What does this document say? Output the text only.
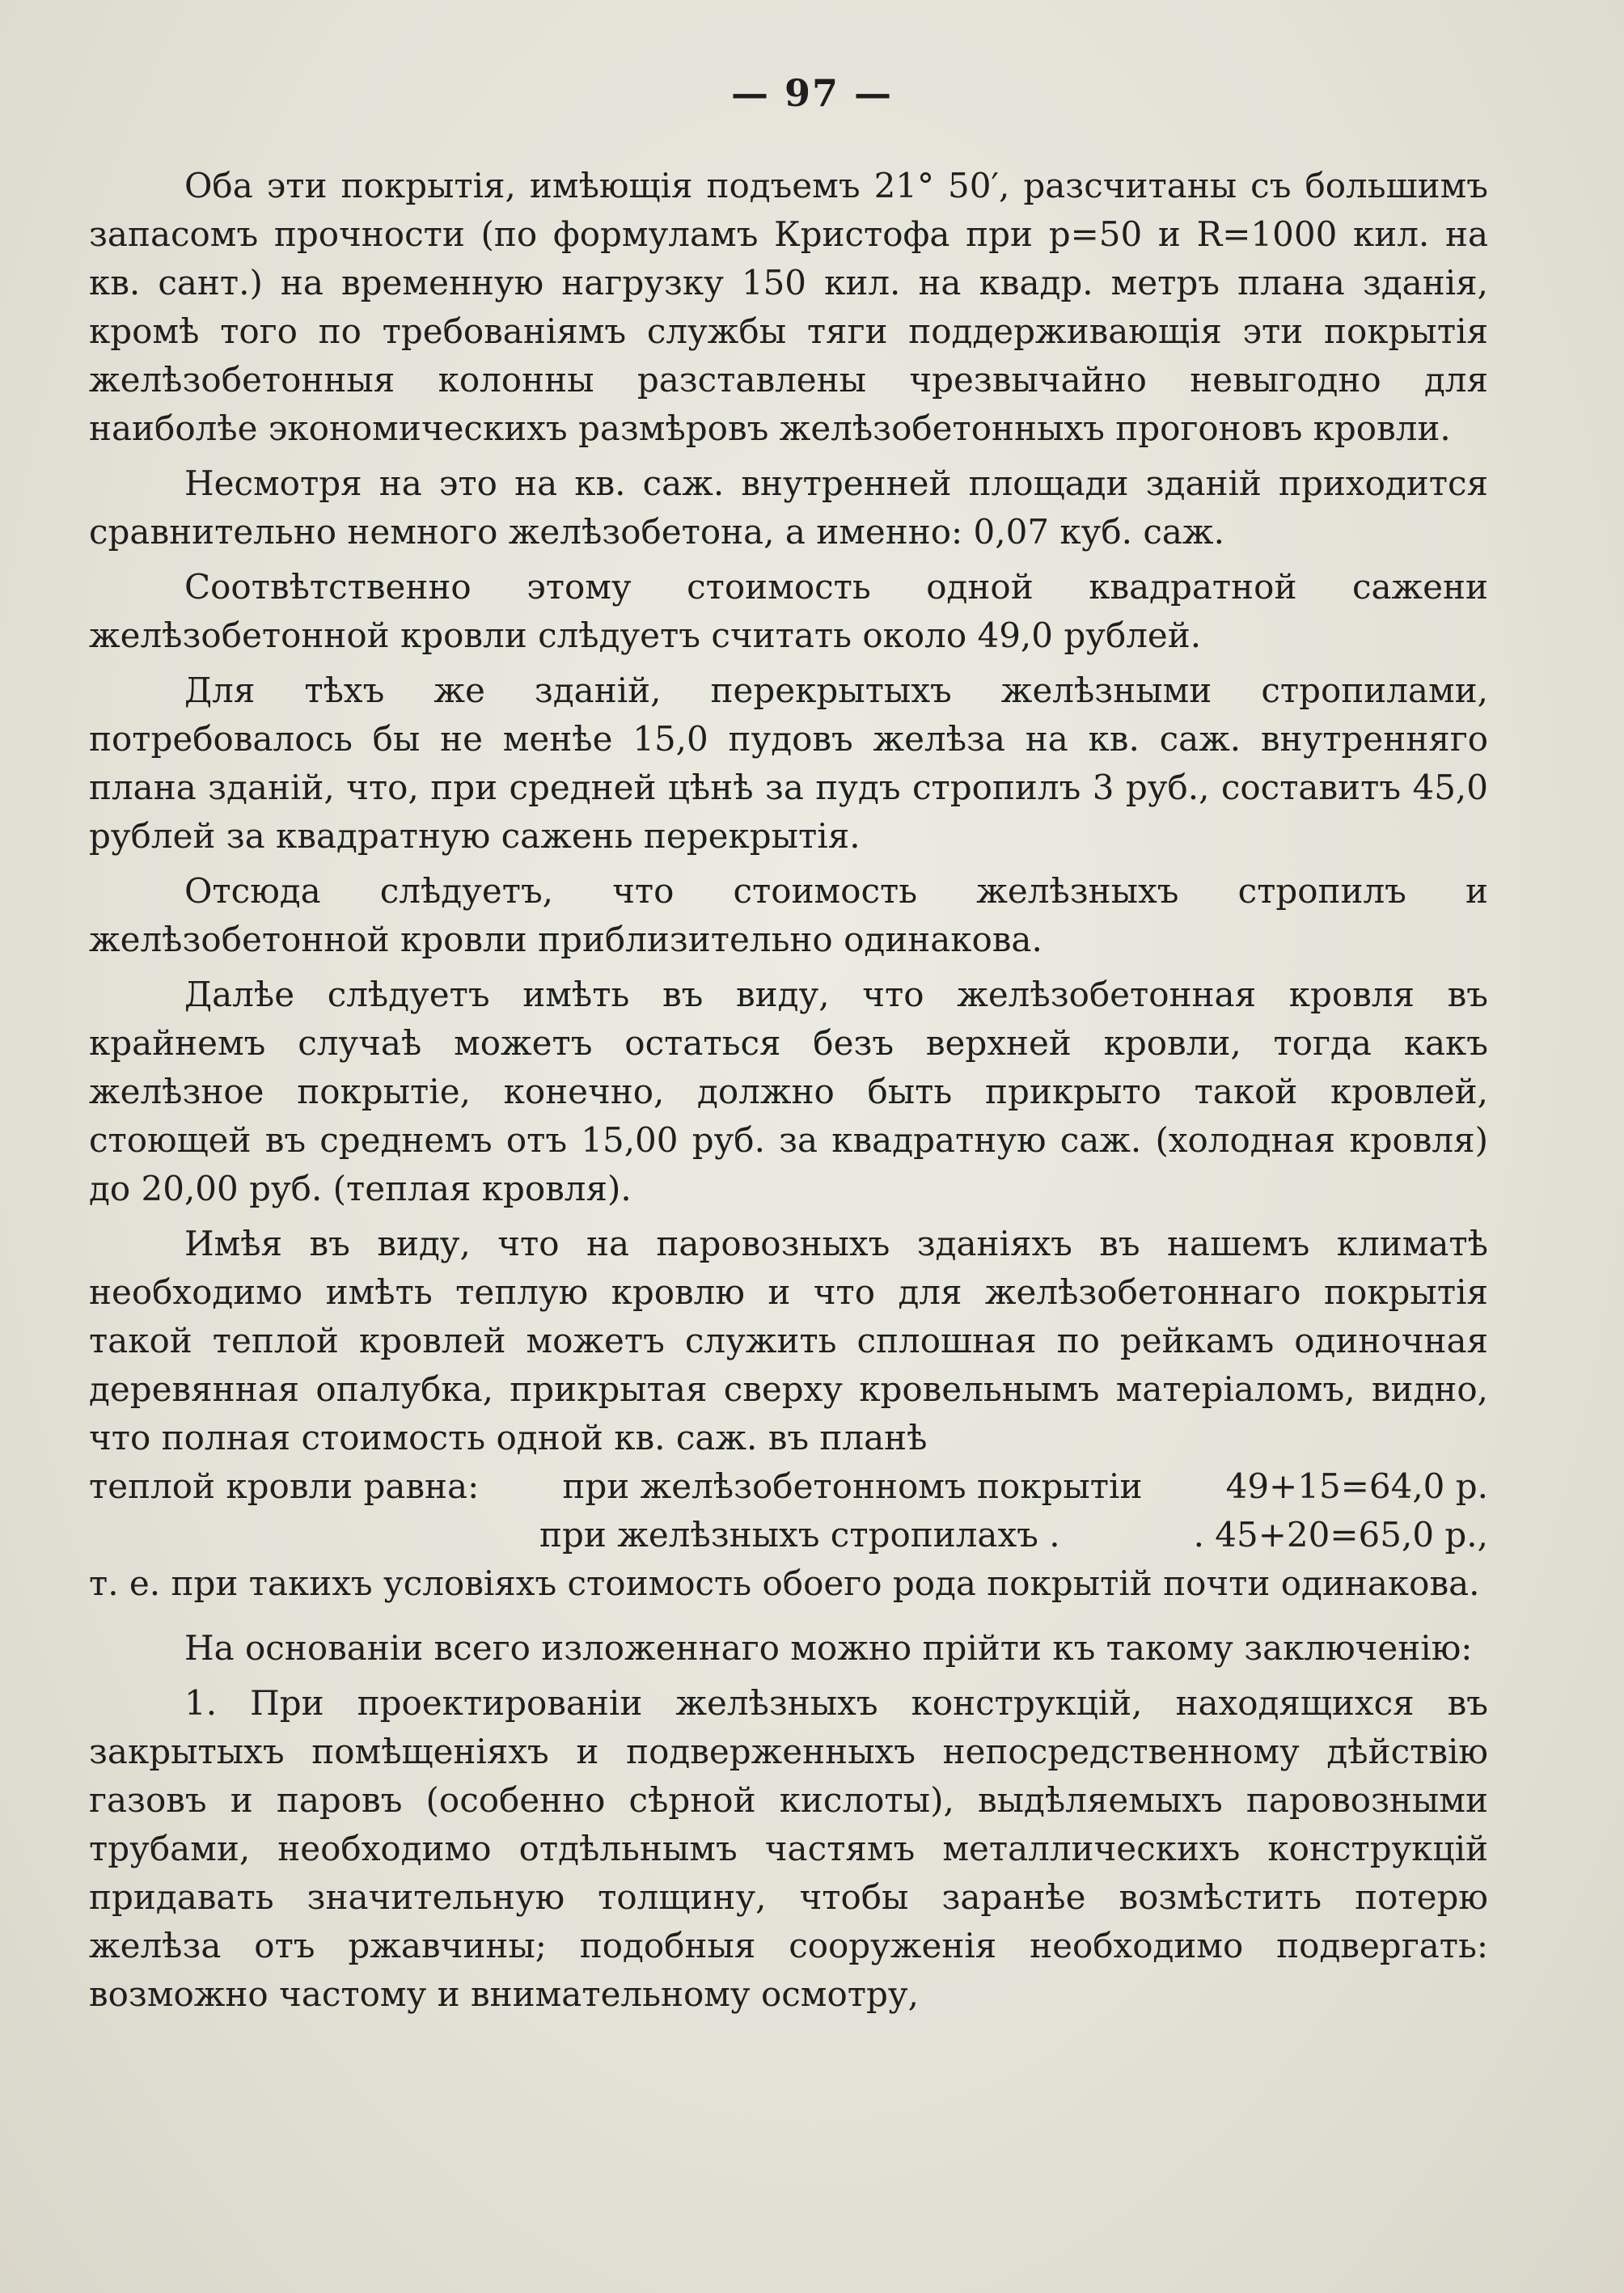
— 97 —

Оба эти покрытія, имѣющія подъемъ 21° 50′, разсчитаны съ большимъ запасомъ прочности (по формуламъ Кристофа при p=50 и R=1000 кил. на кв. сант.) на временную нагрузку 150 кил. на квадр. метръ плана зданія, кромѣ того по требованіямъ службы тяги поддерживающія эти покрытія желѣзобетонныя колонны разставлены чрезвычайно невыгодно для наиболѣе экономическихъ размѣровъ желѣзобетонныхъ прогоновъ кровли.

Несмотря на это на кв. саж. внутренней площади зданій приходится сравнительно немного желѣзобетона, а именно: 0,07 куб. саж.

Соотвѣтственно этому стоимость одной квадратной сажени желѣзобетонной кровли слѣдуетъ считать около 49,0 рублей.

Для тѣхъ же зданій, перекрытыхъ желѣзными стропилами, потребовалось бы не менѣе 15,0 пудовъ желѣза на кв. саж. внутренняго плана зданій, что, при средней цѣнѣ за пудъ стропилъ 3 руб., составитъ 45,0 рублей за квадратную сажень перекрытія.

Отсюда слѣдуетъ, что стоимость желѣзныхъ стропилъ и желѣзобетонной кровли приблизительно одинакова.

Далѣе слѣдуетъ имѣть въ виду, что желѣзобетонная кровля въ крайнемъ случаѣ можетъ остаться безъ верхней кровли, тогда какъ желѣзное покрытіе, конечно, должно быть прикрыто такой кровлей, стоющей въ среднемъ отъ 15,00 руб. за квадратную саж. (холодная кровля) до 20,00 руб. (теплая кровля).

Имѣя въ виду, что на паровозныхъ зданіяхъ въ нашемъ климатѣ необходимо имѣть теплую кровлю и что для желѣзобетоннаго покрытія такой теплой кровлей можетъ служить сплошная по рейкамъ одиночная деревянная опалубка, прикрытая сверху кровельнымъ матеріаломъ, видно, что полная стоимость одной кв. саж. въ планѣ

теплой кровли равна: при желѣзобетонномъ покрытіи 49+15=64,0 р.
при желѣзныхъ стропилахъ .	. 45+20=65,0 р.,

т. е. при такихъ условіяхъ стоимость обоего рода покрытій почти одинакова.

На основаніи всего изложеннаго можно прійти къ такому заключенію:

1. При проектированіи желѣзныхъ конструкцій, находящихся въ закрытыхъ помѣщеніяхъ и подверженныхъ непосредственному дѣйствію газовъ и паровъ (особенно сѣрной кислоты), выдѣляемыхъ паровозными трубами, необходимо отдѣльнымъ частямъ металлическихъ конструкцій придавать значительную толщину, чтобы заранѣе возмѣстить потерю желѣза отъ ржавчины; подобныя сооруженія необходимо подвергать: возможно частому и внимательному осмотру,
